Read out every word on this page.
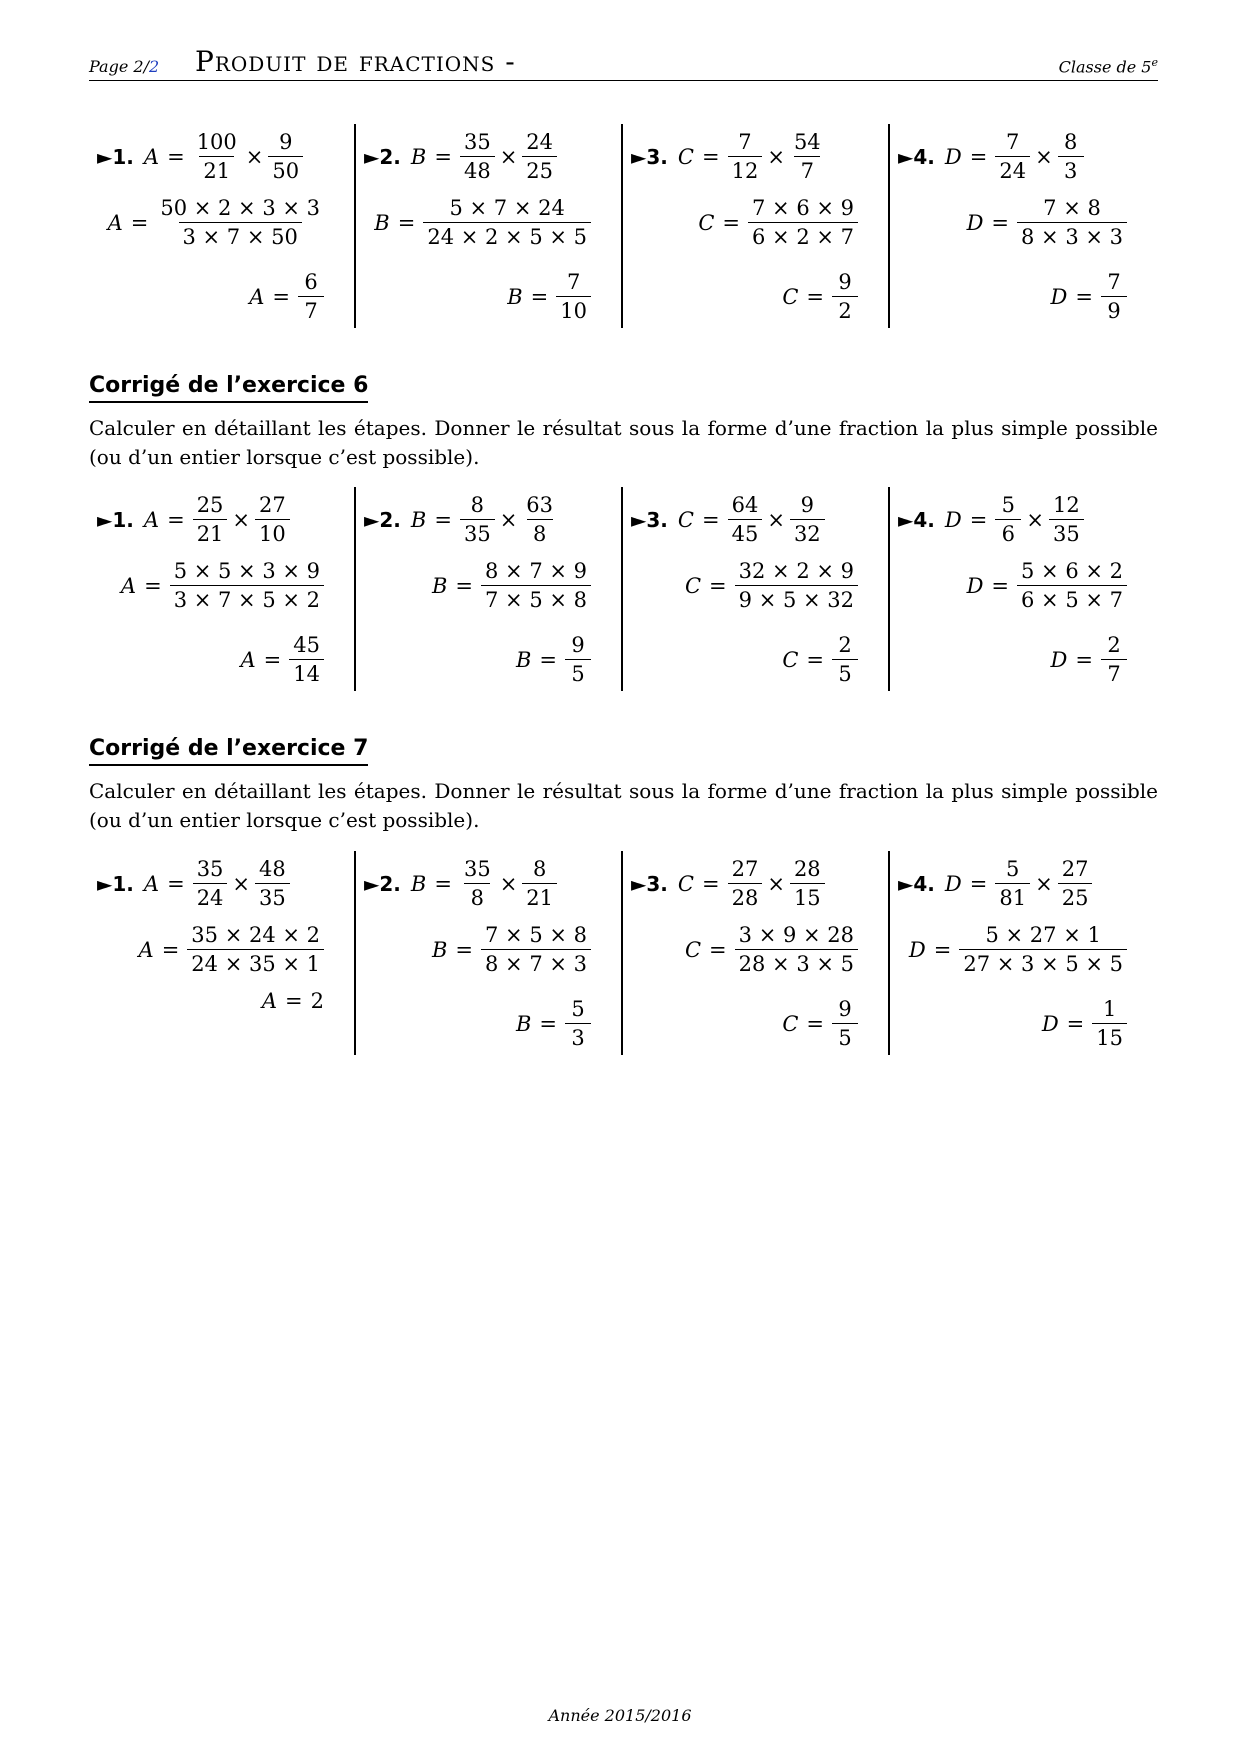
Page 2/2 Produit de fractions -	Classe de 5e
►1. $A = \frac{100}{21} \times \frac{9}{50}$
$A = \frac{50 \times 2 \times 3 \times 3}{3 \times 7 \times 50}$
$A = \frac{6}{7}$
►2. $B = \frac{35}{48} \times \frac{24}{25}$
$B = \frac{5 \times 7 \times 24}{24 \times 2 \times 5 \times 5}$
$B = \frac{7}{10}$
►3. $C = \frac{7}{12} \times \frac{54}{7}$
$C = \frac{7 \times 6 \times 9}{6 \times 2 \times 7}$
$C = \frac{9}{2}$
►4. $D = \frac{7}{24} \times \frac{8}{3}$
$D = \frac{7 \times 8}{8 \times 3 \times 3}$
$D = \frac{7}{9}$
Corrigé de l’exercice 6
Calculer en détaillant les étapes. Donner le résultat sous la forme d’une fraction la plus simple possible (ou d’un entier lorsque c’est possible).
►1. $A = \frac{25}{21} \times \frac{27}{10}$
$A = \frac{5 \times 5 \times 3 \times 9}{3 \times 7 \times 5 \times 2}$
$A = \frac{45}{14}$
►2. $B = \frac{8}{35} \times \frac{63}{8}$
$B = \frac{8 \times 7 \times 9}{7 \times 5 \times 8}$
$B = \frac{9}{5}$
►3. $C = \frac{64}{45} \times \frac{9}{32}$
$C = \frac{32 \times 2 \times 9}{9 \times 5 \times 32}$
$C = \frac{2}{5}$
►4. $D = \frac{5}{6} \times \frac{12}{35}$
$D = \frac{5 \times 6 \times 2}{6 \times 5 \times 7}$
$D = \frac{2}{7}$
Corrigé de l’exercice 7
Calculer en détaillant les étapes. Donner le résultat sous la forme d’une fraction la plus simple possible (ou d’un entier lorsque c’est possible).
►1. $A = \frac{35}{24} \times \frac{48}{35}$
$A = \frac{35 \times 24 \times 2}{24 \times 35 \times 1}$
A = 2
►2. $B = \frac{35}{8} \times \frac{8}{21}$
$B = \frac{7 \times 5 \times 8}{8 \times 7 \times 3}$
$B = \frac{5}{3}$
►3. $C = \frac{27}{28} \times \frac{28}{15}$
$C = \frac{3 \times 9 \times 28}{28 \times 3 \times 5}$
$C = \frac{9}{5}$
►4. $D = \frac{5}{81} \times \frac{27}{25}$
$D = \frac{5 \times 27 \times 1}{27 \times 3 \times 5 \times 5}$
$D = \frac{1}{15}$
Année 2015/2016
